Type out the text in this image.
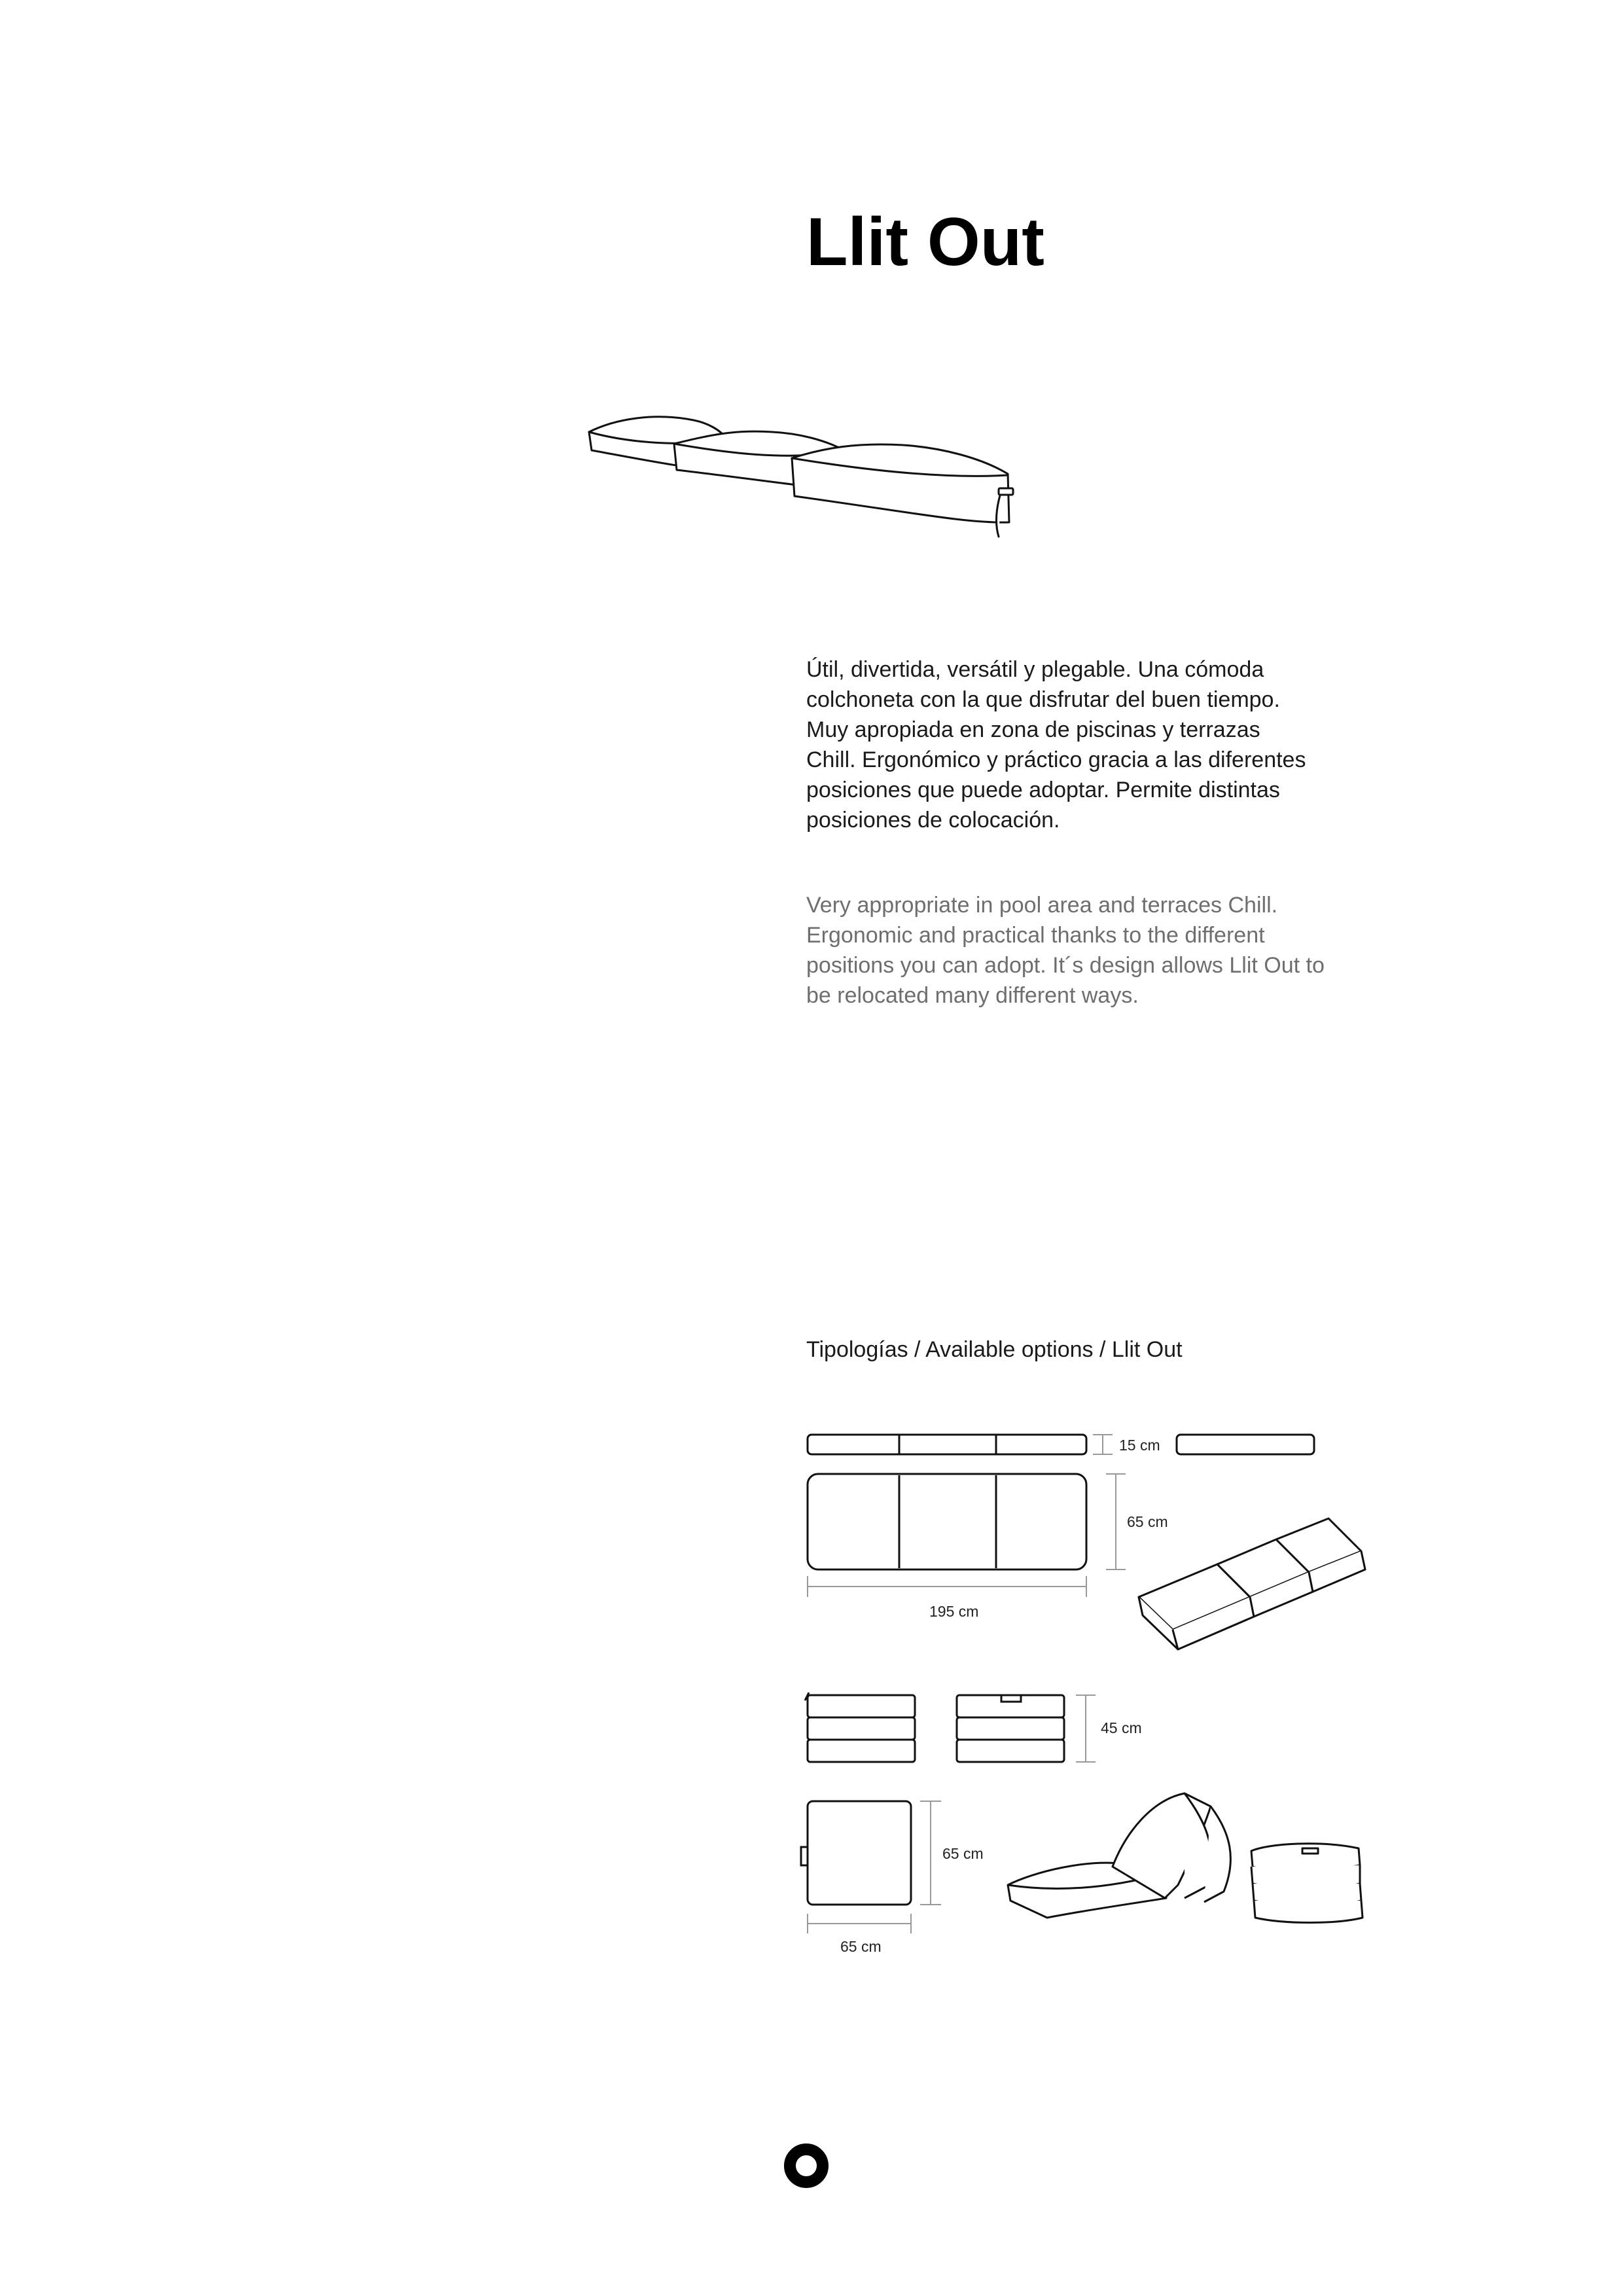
Llit Out

Útil, divertida, versátil y plegable. Una cómoda
colchoneta con la que disfrutar del buen tiempo.
Muy apropiada en zona de piscinas y terrazas
Chill. Ergonómico y práctico gracia a las diferentes
posiciones que puede adoptar. Permite distintas
posiciones de colocación.

Very appropriate in pool area and terraces Chill.
Ergonomic and practical thanks to the different
positions you can adopt. It´s design allows Llit Out to
be relocated many different ways.

Tipologías / Available options / Llit Out
15 cm
65 cm
195 cm
45 cm
65 cm
65 cm
